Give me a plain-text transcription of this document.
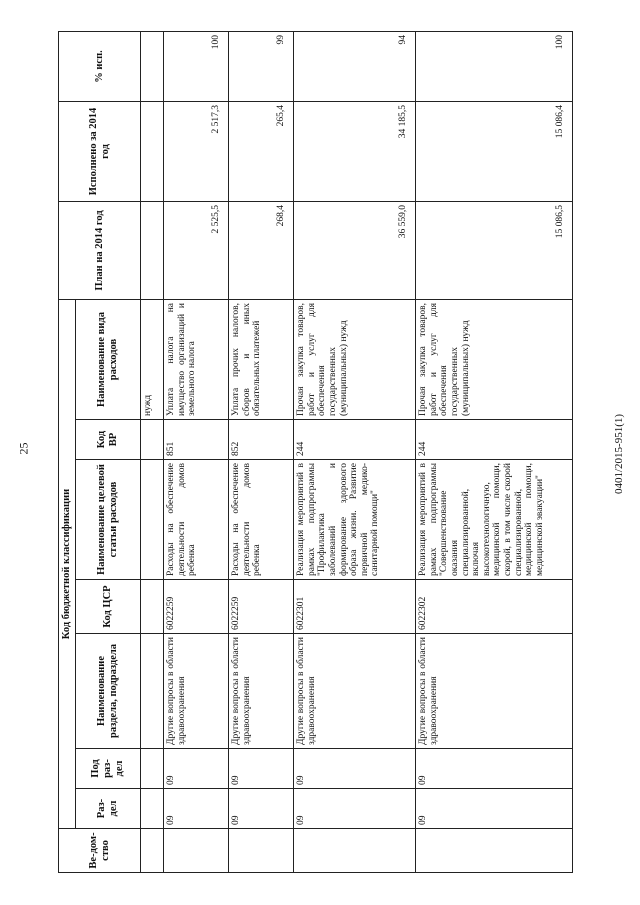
25	0401/2015-951(1)
Ве-дом-ство	Код бюджетной классификации							План на 2014 год	Исполнено за 2014 год	% исп.
	Раз-дел	Под раз-дел	Наименование раздела, подраздела	Код ЦСР	Наименование целевой статьи расходов	Код ВР	Наименование вида расходов			
							нужд			
	09	09	Другие вопросы в области здравоохранения	6022259	Расходы на обеспечение деятельности домов ребенка	851	Уплата налога на имущество организаций и земельного налога	2 525,5	2 517,3	100
	09	09	Другие вопросы в области здравоохранения	6022259	Расходы на обеспечение деятельности домов ребенка	852	Уплата прочих налогов, сборов и иных обязательных платежей	268,4	265,4	99
	09	09	Другие вопросы в области здравоохранения	6022301	Реализация мероприятий в рамках подпрограммы "Профилактика заболеваний и формирование здорового образа жизни. Развитие первичной медико-санитарной помощи"	244	Прочая закупка товаров, работ и услуг для обеспечения государственных (муниципальных) нужд	36 559,0	34 185,5	94
	09	09	Другие вопросы в области здравоохранения	6022302	Реализация мероприятий в рамках подпрограммы "Совершенствование оказания специализированной, включая высокотехнологичную, медицинской помощи, скорой, в том числе скорой специализированной, медицинской помощи, медицинской эвакуации"	244	Прочая закупка товаров, работ и услуг для обеспечения государственных (муниципальных) нужд	15 086,5	15 086,4	100
